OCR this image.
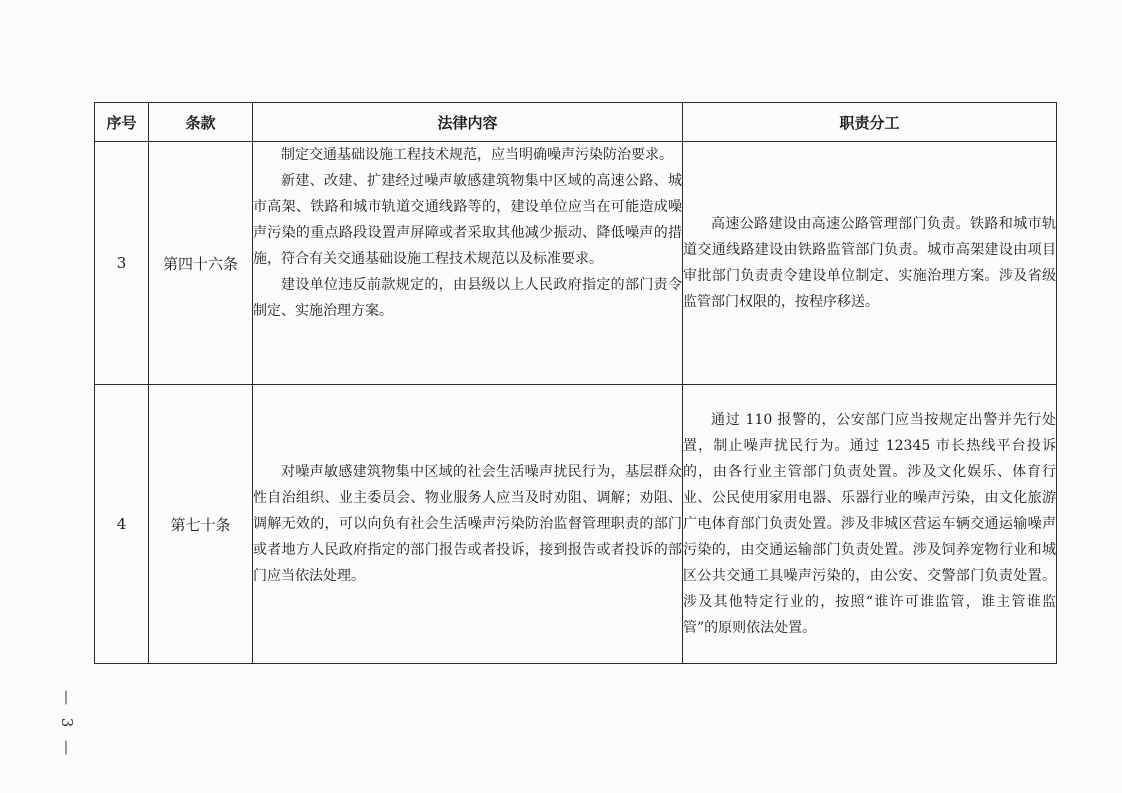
序号	条款	法律内容	职责分工
3	第四十六条	制定交通基础设施工程技术规范，应当明确噪声污染防治要求。

新建、改建、扩建经过噪声敏感建筑物集中区域的高速公路、城市高架、铁路和城市轨道交通线路等的，建设单位应当在可能造成噪声污染的重点路段设置声屏障或者采取其他减少振动、降低噪声的措施，符合有关交通基础设施工程技术规范以及标准要求。

建设单位违反前款规定的，由县级以上人民政府指定的部门责令制定、实施治理方案。	高速公路建设由高速公路管理部门负责。铁路和城市轨道交通线路建设由铁路监管部门负责。城市高架建设由项目审批部门负责责令建设单位制定、实施治理方案。涉及省级监管部门权限的，按程序移送。

4	第七十条	对噪声敏感建筑物集中区域的社会生活噪声扰民行为，基层群众性自治组织、业主委员会、物业服务人应当及时劝阻、调解；劝阻、调解无效的，可以向负有社会生活噪声污染防治监督管理职责的部门或者地方人民政府指定的部门报告或者投诉，接到报告或者投诉的部门应当依法处理。	通过 110 报警的，公安部门应当按规定出警并先行处置，制止噪声扰民行为。通过 12345 市长热线平台投诉的，由各行业主管部门负责处置。涉及文化娱乐、体育行业、公民使用家用电器、乐器行业的噪声污染，由文化旅游广电体育部门负责处置。涉及非城区营运车辆交通运输噪声污染的，由交通运输部门负责处置。涉及饲养宠物行业和城区公共交通工具噪声污染的，由公安、交警部门负责处置。涉及其他特定行业的，按照“谁许可谁监管，谁主管谁监管”的原则依法处置。

— 3 —
